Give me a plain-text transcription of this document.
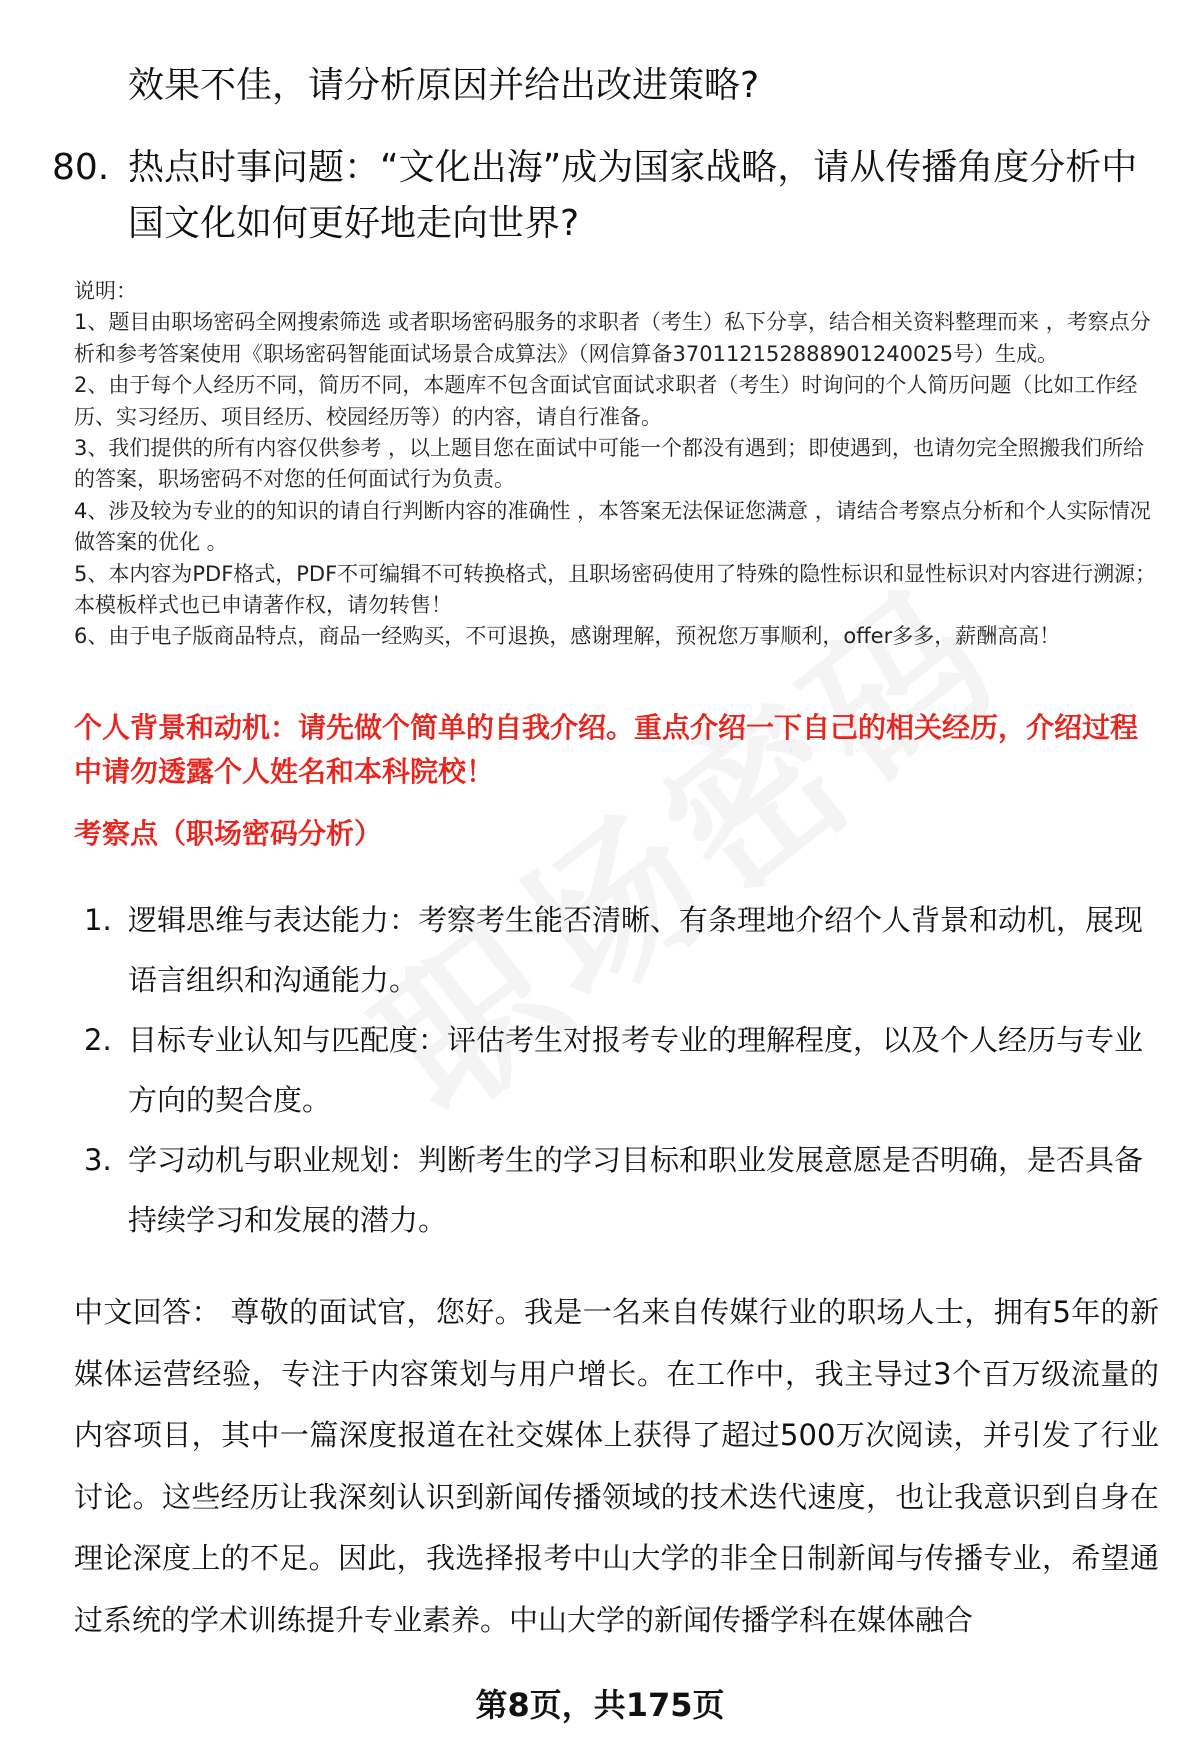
效果不佳，请分析原因并给出改进策略?
80. 热点时事问题：“文化出海”成为国家战略，请从传播角度分析中国文化如何更好地走向世界?

说明：

1、题目由职场密码全网搜索筛选 或者职场密码服务的求职者（考生）私下分享，结合相关资料整理而来 ，考察点分析和参考答案使用《职场密码智能面试场景合成算法》（网信算备370112152888901240025号）生成。

2、由于每个人经历不同，简历不同，本题库不包含面试官面试求职者（考生）时询问的个人简历问题（比如工作经历、实习经历、项目经历、校园经历等）的内容，请自行准备。

3、我们提供的所有内容仅供参考 ，以上题目您在面试中可能一个都没有遇到；即使遇到，也请勿完全照搬我们所给的答案，职场密码不对您的任何面试行为负责。

4、涉及较为专业的的知识的请自行判断内容的准确性 ，本答案无法保证您满意 ，请结合考察点分析和个人实际情况做答案的优化 。

5、本内容为PDF格式，PDF不可编辑不可转换格式，且职场密码使用了特殊的隐性标识和显性标识对内容进行溯源；本模板样式也已申请著作权，请勿转售！

6、由于电子版商品特点，商品一经购买，不可退换，感谢理解，预祝您万事顺利，offer多多，薪酬高高！

个人背景和动机：请先做个简单的自我介绍。重点介绍一下自己的相关经历，介绍过程中请勿透露个人姓名和本科院校！
考察点（职场密码分析）
1. 逻辑思维与表达能力：考察考生能否清晰、有条理地介绍个人背景和动机，展现语言组织和沟通能力。
2. 目标专业认知与匹配度：评估考生对报考专业的理解程度，以及个人经历与专业方向的契合度。
3. 学习动机与职业规划：判断考生的学习目标和职业发展意愿是否明确，是否具备持续学习和发展的潜力。
中文回答： 尊敬的面试官，您好。我是一名来自传媒行业的职场人士，拥有5年的新媒体运营经验，专注于内容策划与用户增长。在工作中，我主导过3个百万级流量的内容项目，其中一篇深度报道在社交媒体上获得了超过500万次阅读，并引发了行业讨论。这些经历让我深刻认识到新闻传播领域的技术迭代速度，也让我意识到自身在理论深度上的不足。因此，我选择报考中山大学的非全日制新闻与传播专业，希望通过系统的学术训练提升专业素养。中山大学的新闻传播学科在媒体融合
第8页，共175页
